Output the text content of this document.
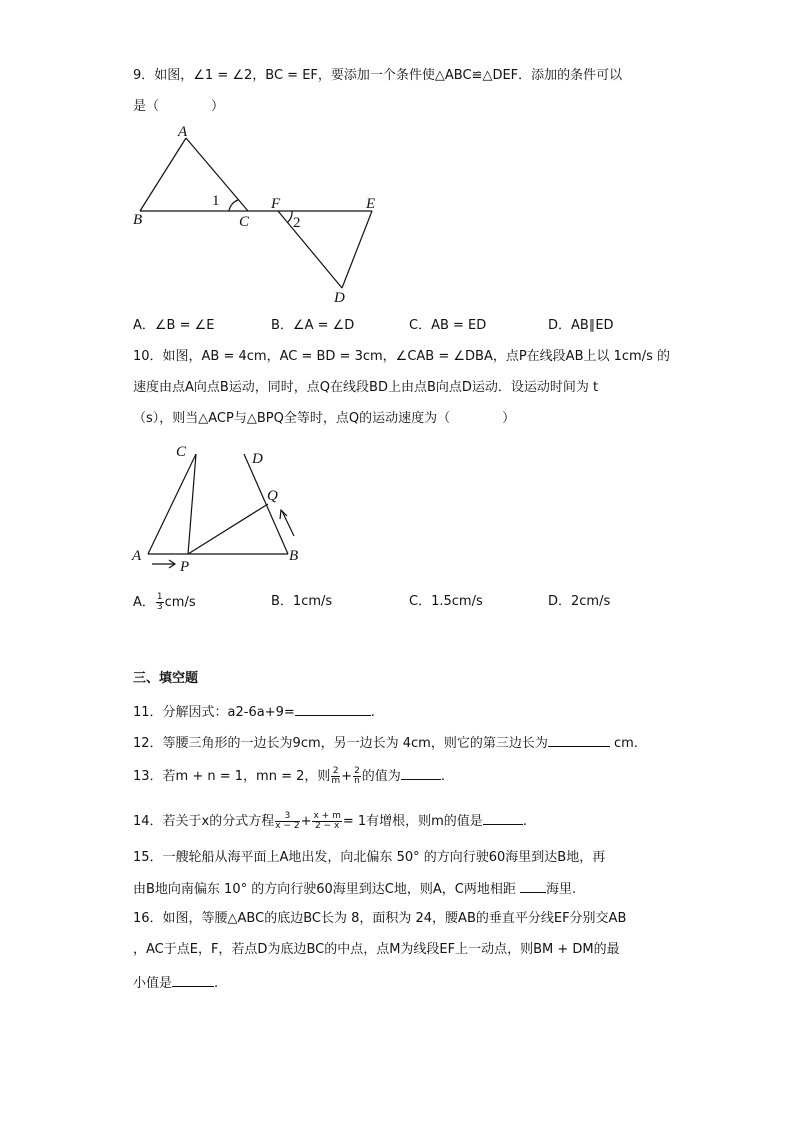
9．如图，∠1 = ∠2，BC = EF，要添加一个条件使△ABC≌△DEF．添加的条件可以
是（　　　　）
A
B	C
F	E
D
1
2
A．∠B = ∠E	B．∠A = ∠D	C．AB = ED	D．AB∥ED
10．如图，AB = 4cm，AC = BD = 3cm，∠CAB = ∠DBA，点P在线段AB上以 1cm/s 的
速度由点A向点B运动，同时，点Q在线段BD上由点B向点D运动．设运动时间为 t
（s），则当△ACP与△BPQ全等时，点Q的运动速度为（　　　　）
C	D
Q
A	B
P
A． $\frac{1}{3} cm/s$	B．1cm/s	C．1.5cm/s	D．2cm/s
三、填空题
11．分解因式：a2-6a+9=	.
12．等腰三角形的一边长为9cm，另一边长为 4cm，则它的第三边长为	cm.
13．若m + n = 1，mn = 2，则 $\frac{2}{m} + \frac{2}{n}$ 的值为	.
14．若关于x的分式方程 $\frac{3}{x - 2} + \frac{x + m}{2 - x} = 1$有增根，则m的值是	.
15．一艘轮船从海平面上A地出发，向北偏东 50° 的方向行驶60海里到达B地，再
由B地向南偏东 10° 的方向行驶60海里到达C地，则A，C两地相距 海里.
16．如图，等腰△ABC的底边BC长为 8，面积为 24，腰AB的垂直平分线EF分别交AB
，AC于点E，F，若点D为底边BC的中点，点M为线段EF上一动点，则BM + DM的最
小值是	.
